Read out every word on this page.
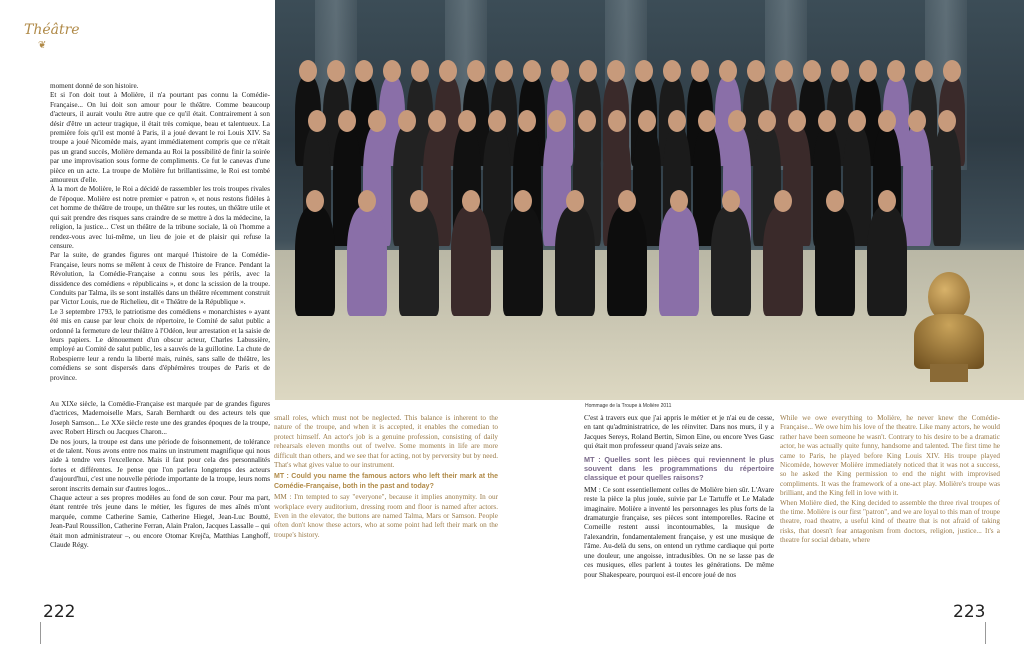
Théâtre
❦
Hommage de la Troupe à Molière 2011

moment donné de son histoire.

Et si l'on doit tout à Molière, il n'a pourtant pas connu la Comédie-Française... On lui doit son amour pour le théâtre. Comme beaucoup d'acteurs, il aurait voulu être autre que ce qu'il était. Contrairement à son désir d'être un acteur tragique, il était très comique, beau et talentueux. La première fois qu'il est monté à Paris, il a joué devant le roi Louis XIV. Sa troupe a joué Nicomède mais, ayant immédiatement compris que ce n'était pas un grand succès, Molière demanda au Roi la possibilité de finir la soirée par une improvisation sous forme de compliments. Ce fut le canevas d'une pièce en un acte. La troupe de Molière fut brillantissime, le Roi est tombé amoureux d'elle.

À la mort de Molière, le Roi a décidé de rassembler les trois troupes rivales de l'époque. Molière est notre premier « patron », et nous restons fidèles à cet homme de théâtre de troupe, un théâtre sur les routes, un théâtre utile et qui sait prendre des risques sans craindre de se mettre à dos la médecine, la religion, la justice... C'est un théâtre de la tribune sociale, là où l'homme a rendez-vous avec lui-même, un lieu de joie et de plaisir qui refuse la censure.

Par la suite, de grandes figures ont marqué l'histoire de la Comédie-Française, leurs noms se mêlent à ceux de l'histoire de France. Pendant la Révolution, la Comédie-Française a connu sous les périls, avec la dissidence des comédiens « républicains », et donc la scission de la troupe. Conduits par Talma, ils se sont installés dans un théâtre récemment construit par Victor Louis, rue de Richelieu, dit « Théâtre de la République ».

Le 3 septembre 1793, le patriotisme des comédiens « monarchistes » ayant été mis en cause par leur choix de répertoire, le Comité de salut public a ordonné la fermeture de leur théâtre à l'Odéon, leur arrestation et la saisie de leurs papiers. Le dénouement d'un obscur acteur, Charles Labussière, employé au Comité de salut public, les a sauvés de la guillotine. La chute de Robespierre leur a rendu la liberté mais, ruinés, sans salle de théâtre, les comédiens se sont dispersés dans d'éphémères troupes de Paris et de province.

Au XIXe siècle, la Comédie-Française est marquée par de grandes figures d'actrices, Mademoiselle Mars, Sarah Bernhardt ou des acteurs tels que Joseph Samson... Le XXe siècle reste une des grandes époques de la troupe, avec Robert Hirsch ou Jacques Charon...

De nos jours, la troupe est dans une période de foisonnement, de tolérance et de talent. Nous avons entre nos mains un instrument magnifique qui nous aide à tendre vers l'excellence. Mais il faut pour cela des personnalités fortes et différentes. Je pense que l'on parlera longtemps des acteurs d'aujourd'hui, c'est une nouvelle période importante de la troupe, leurs noms seront inscrits demain sur d'autres logos...

Chaque acteur a ses propres modèles au fond de son cœur. Pour ma part, étant rentrée très jeune dans le métier, les figures de mes aînés m'ont marquée, comme Catherine Samie, Catherine Hiegel, Jean-Luc Boutté, Jean-Paul Roussillon, Catherine Ferran, Alain Pralon, Jacques Lassalle – qui était mon administrateur –, ou encore Otomar Krejča, Matthias Langhoff, Claude Régy.

small roles, which must not be neglected. This balance is inherent to the nature of the troupe, and when it is accepted, it enables the comedian to protect himself. An actor's job is a genuine profession, consisting of daily rehearsals eleven months out of twelve. Some moments in life are more difficult than others, and we see that for acting, not by perversity but by need. That's what gives value to our instrument.

MT : Could you name the famous actors who left their mark at the Comédie-Française, both in the past and today?

MM : I'm tempted to say "everyone", because it implies anonymity. In our workplace every auditorium, dressing room and floor is named after actors. Even in the elevator, the buttons are named Talma, Mars or Samson. People often don't know these actors, who at some point had left their mark on the troupe's history.

C'est à travers eux que j'ai appris le métier et je n'ai eu de cesse, en tant qu'administratrice, de les réinviter. Dans nos murs, il y a Jacques Sereys, Roland Bertin, Simon Eine, ou encore Yves Gasc qui était mon professeur quand j'avais seize ans.

MT : Quelles sont les pièces qui reviennent le plus souvent dans les programmations du répertoire classique et pour quelles raisons?

MM : Ce sont essentiellement celles de Molière bien sûr. L'Avare reste la pièce la plus jouée, suivie par Le Tartuffe et Le Malade imaginaire. Molière a inventé les personnages les plus forts de la dramaturgie française, ses pièces sont intemporelles. Racine et Corneille restent aussi incontournables, la musique de l'alexandrin, fondamentalement française, y est une musique de l'âme. Au-delà du sens, on entend un rythme cardiaque qui porte une douleur, une angoisse, intradusibles. On ne se lasse pas de ces musiques, elles parlent à toutes les générations. De même pour Shakespeare, pourquoi est-il encore joué de nos

While we owe everything to Molière, he never knew the Comédie-Française... We owe him his love of the theatre. Like many actors, he would rather have been someone he wasn't. Contrary to his desire to be a dramatic actor, he was actually quite funny, handsome and talented. The first time he came to Paris, he played before King Louis XIV. His troupe played Nicomède, however Molière immediately noticed that it was not a success, so he asked the King permission to end the night with improvised compliments. It was the framework of a one-act play. Molière's troupe was brilliant, and the King fell in love with it.

When Molière died, the King decided to assemble the three rival troupes of the time. Molière is our first "patron", and we are loyal to this man of troupe theatre, road theatre, a useful kind of theatre that is not afraid of taking risks, that doesn't fear antagonism from doctors, religion, justice... It's a theatre for social debate, where

222	223
